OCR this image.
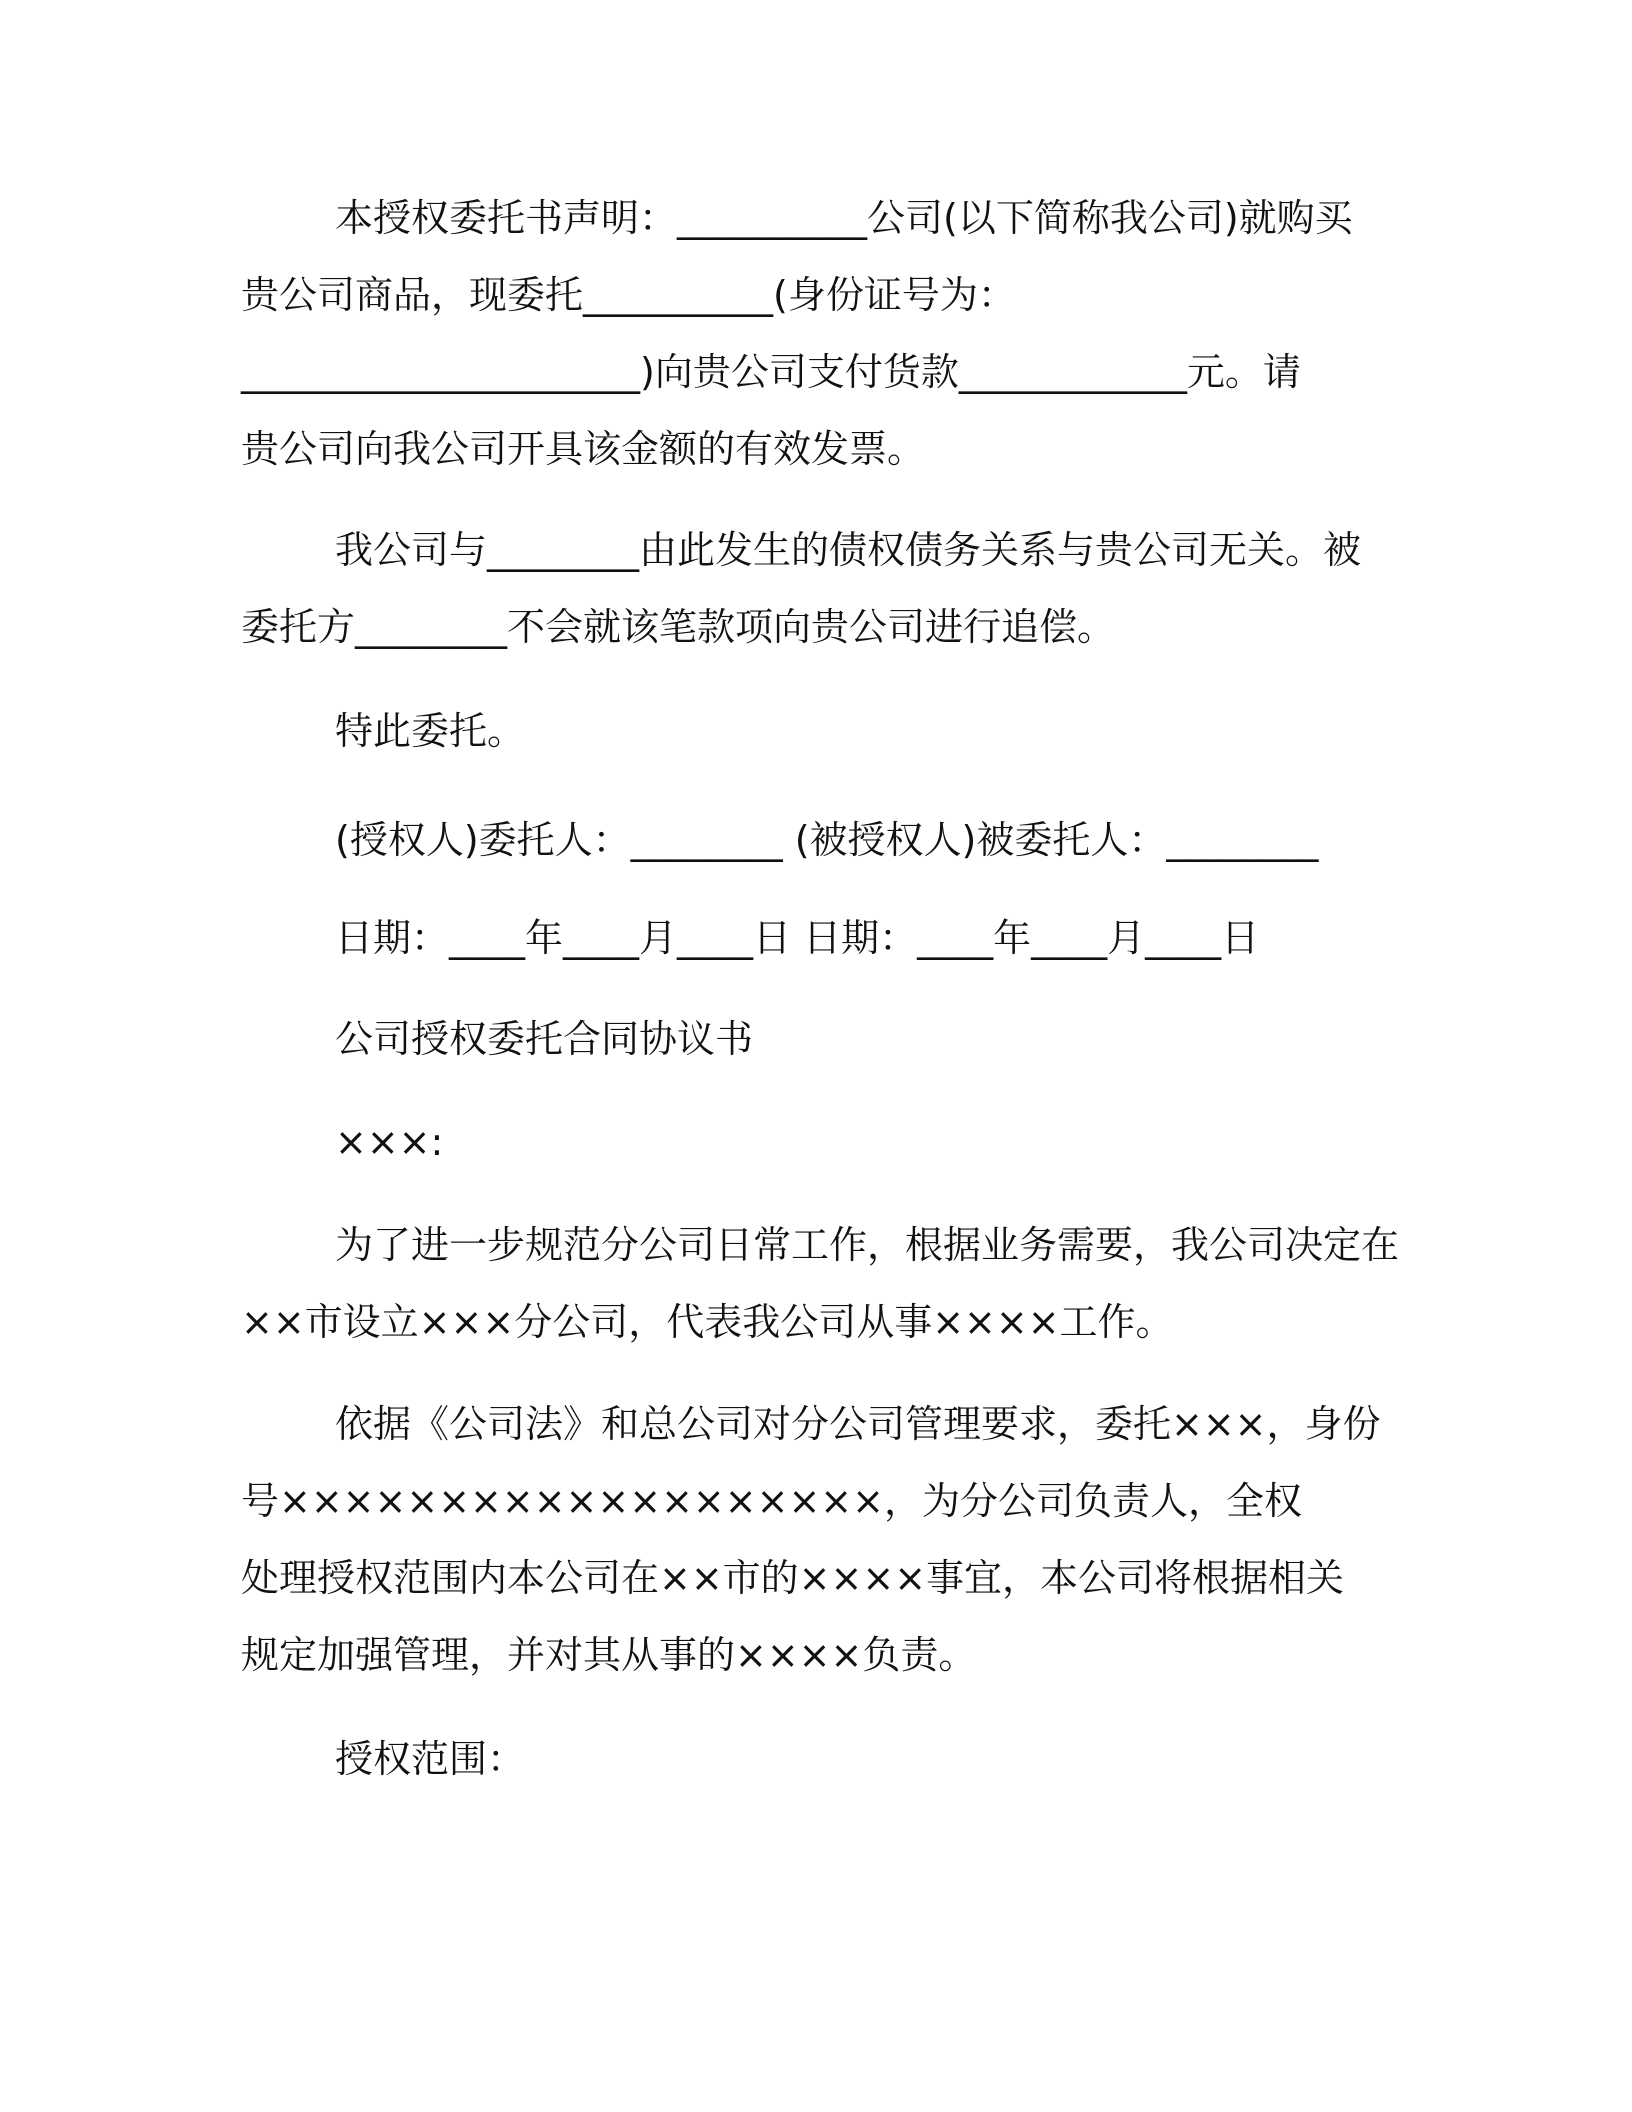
本授权委托书声明：__________公司(以下简称我公司)就购买
贵公司商品，现委托__________(身份证号为：
_____________________)向贵公司支付货款____________元。请
贵公司向我公司开具该金额的有效发票。
我公司与________由此发生的债权债务关系与贵公司无关。被
委托方________不会就该笔款项向贵公司进行追偿。
特此委托。
(授权人)委托人：________ (被授权人)被委托人：________
日期：____年____月____日 日期：____年____月____日
公司授权委托合同协议书
×××:
为了进一步规范分公司日常工作，根据业务需要，我公司决定在
××市设立×××分公司，代表我公司从事××××工作。
依据《公司法》和总公司对分公司管理要求，委托×××，身份
号×××××××××××××××××××，为分公司负责人，全权
处理授权范围内本公司在××市的××××事宜，本公司将根据相关
规定加强管理，并对其从事的××××负责。
授权范围：
